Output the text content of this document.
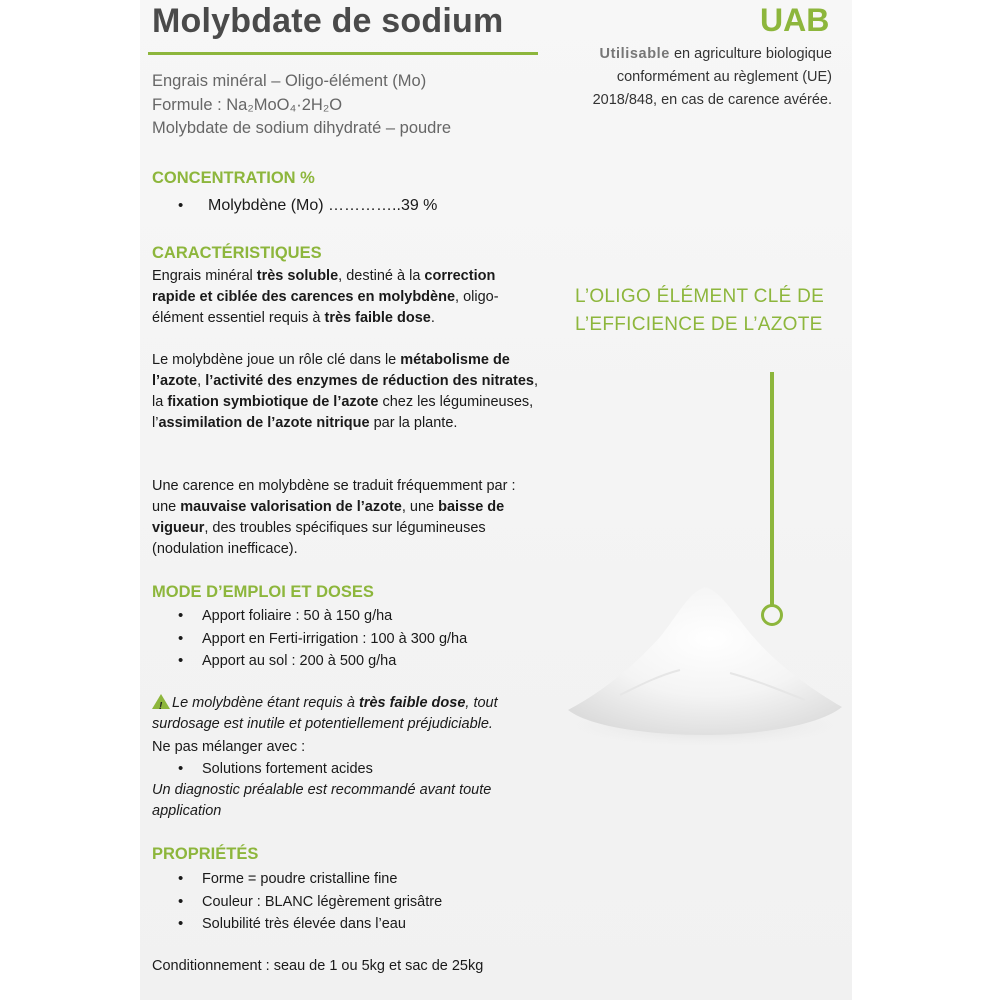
Molybdate de sodium	UAB
Utilisable en agriculture biologique
conformément au règlement (UE)
2018/848, en cas de carence avérée.
Engrais minéral – Oligo-élément (Mo)
Formule : Na₂MoO₄·2H₂O
Molybdate de sodium dihydraté – poudre
CONCENTRATION %
• Molybdène (Mo) …………..39 %
CARACTÉRISTIQUES
Engrais minéral très soluble, destiné à la correction rapide et ciblée des carences en molybdène, oligo-élément essentiel requis à très faible dose.
Le molybdène joue un rôle clé dans le métabolisme de l’azote, l’activité des enzymes de réduction des nitrates, la fixation symbiotique de l’azote chez les légumineuses, l’assimilation de l’azote nitrique par la plante.
Une carence en molybdène se traduit fréquemment par : une mauvaise valorisation de l’azote, une baisse de vigueur, des troubles spécifiques sur légumineuses (nodulation inefficace).
MODE D’EMPLOI ET DOSES
• Apport foliaire : 50 à 150 g/ha
• Apport en Ferti-irrigation : 100 à 300 g/ha
• Apport au sol : 200 à 500 g/ha
!Le molybdène étant requis à très faible dose, tout surdosage est inutile et potentiellement préjudiciable.
Ne pas mélanger avec :
• Solutions fortement acides
Un diagnostic préalable est recommandé avant toute application
PROPRIÉTÉS
• Forme = poudre cristalline fine
• Couleur : BLANC légèrement grisâtre
• Solubilité très élevée dans l’eau
Conditionnement : seau de 1 ou 5kg et sac de 25kg
L’OLIGO ÉLÉMENT CLÉ DE
L’EFFICIENCE DE L’AZOTE
